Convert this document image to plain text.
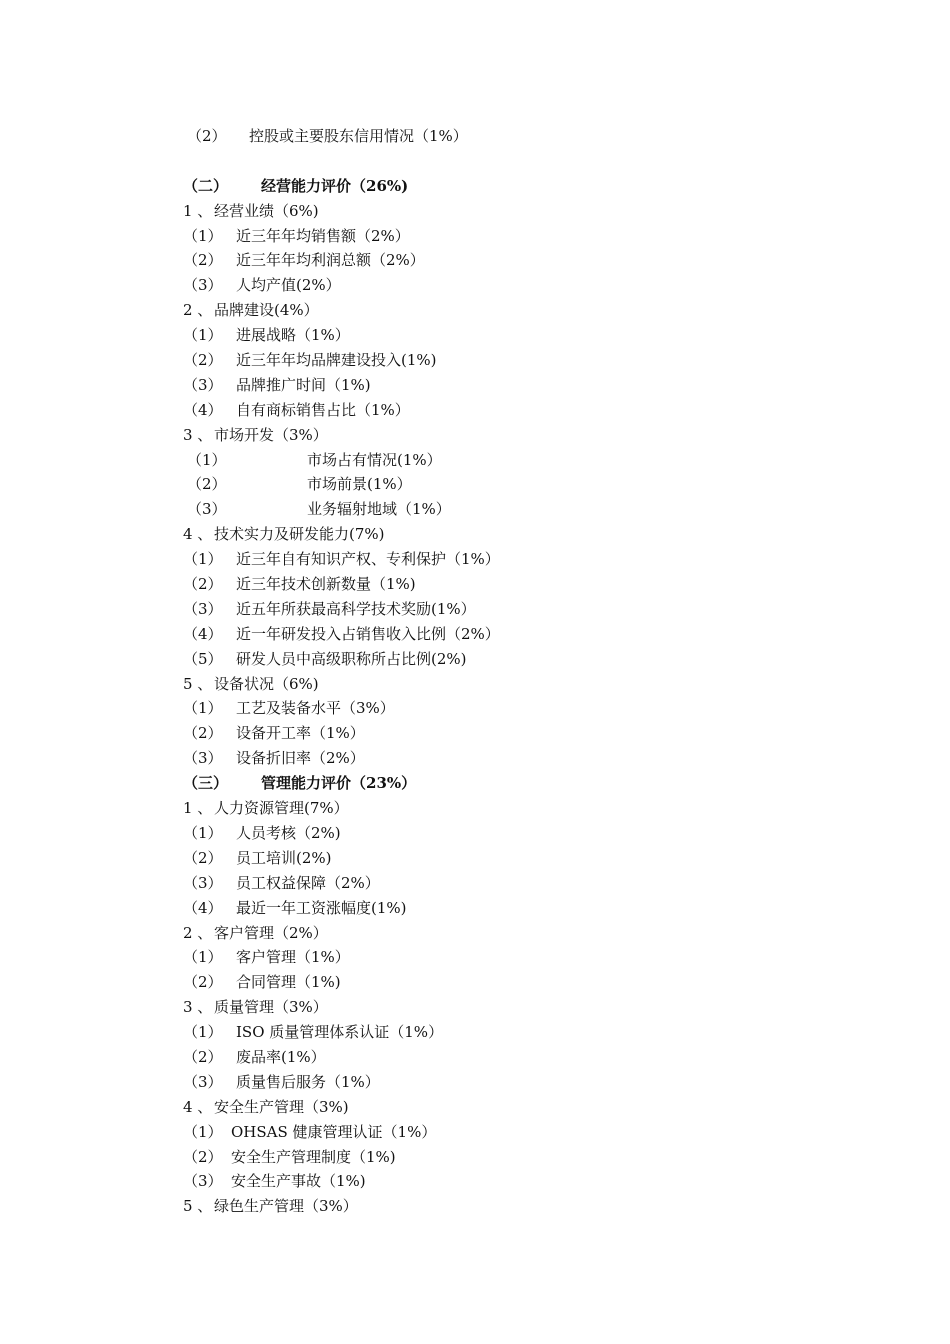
（2） 控股或主要股东信用情况（1%）
（二） 经营能力评价（26%)
1 、 经营业绩（6%)
（1） 近三年年均销售额（2%）
（2） 近三年年均利润总额（2%）
（3） 人均产值(2%）
2 、 品牌建设(4%）
（1） 进展战略（1%）
（2） 近三年年均品牌建设投入(1%)
（3） 品牌推广时间（1%)
（4） 自有商标销售占比（1%）
3 、 市场开发（3%）
（1）	市场占有情况(1%）
（2）	市场前景(1%）
（3）	业务辐射地域（1%）
4 、 技术实力及研发能力(7%)
（1） 近三年自有知识产权、专利保护（1%）
（2） 近三年技术创新数量（1%)
（3） 近五年所获最高科学技术奖励(1%）
（4） 近一年研发投入占销售收入比例（2%）
（5） 研发人员中高级职称所占比例(2%)
5 、 设备状况（6%)
（1） 工艺及装备水平（3%）
（2） 设备开工率（1%）
（3） 设备折旧率（2%）
（三） 管理能力评价（23%）
1 、 人力资源管理(7%）
（1） 人员考核（2%)
（2） 员工培训(2%)
（3） 员工权益保障（2%）
（4） 最近一年工资涨幅度(1%)
2 、 客户管理（2%）
（1） 客户管理（1%）
（2） 合同管理（1%)
3 、 质量管理（3%）
（1） ISO 质量管理体系认证（1%）
（2） 废品率(1%）
（3） 质量售后服务（1%）
4 、 安全生产管理（3%)
（1） OHSAS 健康管理认证（1%）
（2） 安全生产管理制度（1%)
（3） 安全生产事故（1%)
5 、 绿色生产管理（3%）
